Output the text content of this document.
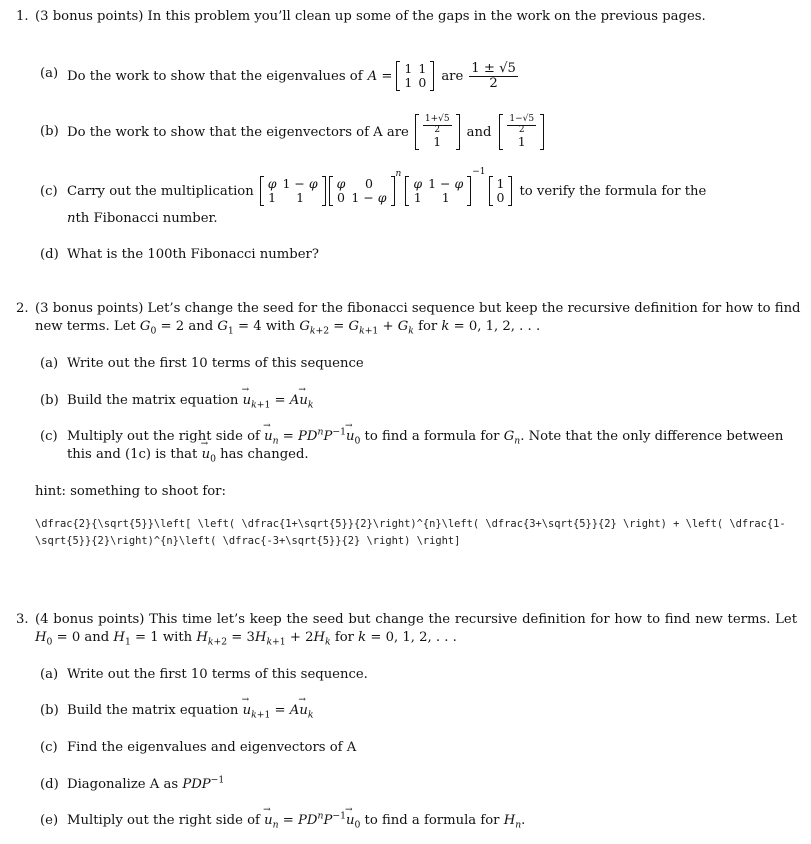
1. (3 bonus points) In this problem you’ll clean up some of the gaps in the work on the previous pages.
(a) Do the work to show that the eigenvalues of A = 1	1
1	0 are $\frac{1 \pm √5}{2}$
(b) Do the work to show that the eigenvectors of A are $\frac{1+√5}{2}$

1
and $\frac{1-√5}{2}$

1
(c) Carry out the multiplication φ	1 − φ
1	1
φ	0
0	1 − φ
n
φ	1 − φ
1	1
−1
1
0 to verify the formula for the
nth Fibonacci number.
(d) What is the 100th Fibonacci number?
2. (3 bonus points) Let’s change the seed for the fibonacci sequence but keep the recursive definition for how to find
new terms. Let $G_0 = 2$ and $G_1 = 4$ with $G_{k+2} = G_{k+1} + G_k$ for k = 0, 1, 2, . . .
(a) Write out the first 10 terms of this sequence
(b) Build the matrix equation $u \to_{k+1} = Au \to_k$
(c) Multiply out the right side of $u \to_n = PD^nP^{-1}u \to_0$ to find a formula for $G_n$. Note that the only difference between
this and (1c) is that $u \to_0$ has changed.
hint: something to shoot for:
\dfrac{2}{\sqrt{5}}\left[ \left( \dfrac{1+\sqrt{5}}{2}\right)^{n}\left( \dfrac{3+\sqrt{5}}{2} \right) + \left( \dfrac{1-
\sqrt{5}}{2}\right)^{n}\left( \dfrac{-3+\sqrt{5}}{2} \right) \right]
3. (4 bonus points) This time let’s keep the seed but change the recursive definition for how to find new terms. Let
$H_0 = 0$ and $H_1 = 1$ with $H_{k+2} = 3H_{k+1} + 2H_k$ for k = 0, 1, 2, . . .
(a) Write out the first 10 terms of this sequence.
(b) Build the matrix equation $u \to_{k+1} = Au \to_k$
(c) Find the eigenvalues and eigenvectors of A
(d) Diagonalize A as $PDP^{-1}$
(e) Multiply out the right side of $u \to_n = PD^nP^{-1}u \to_0$ to find a formula for $H_n$.
